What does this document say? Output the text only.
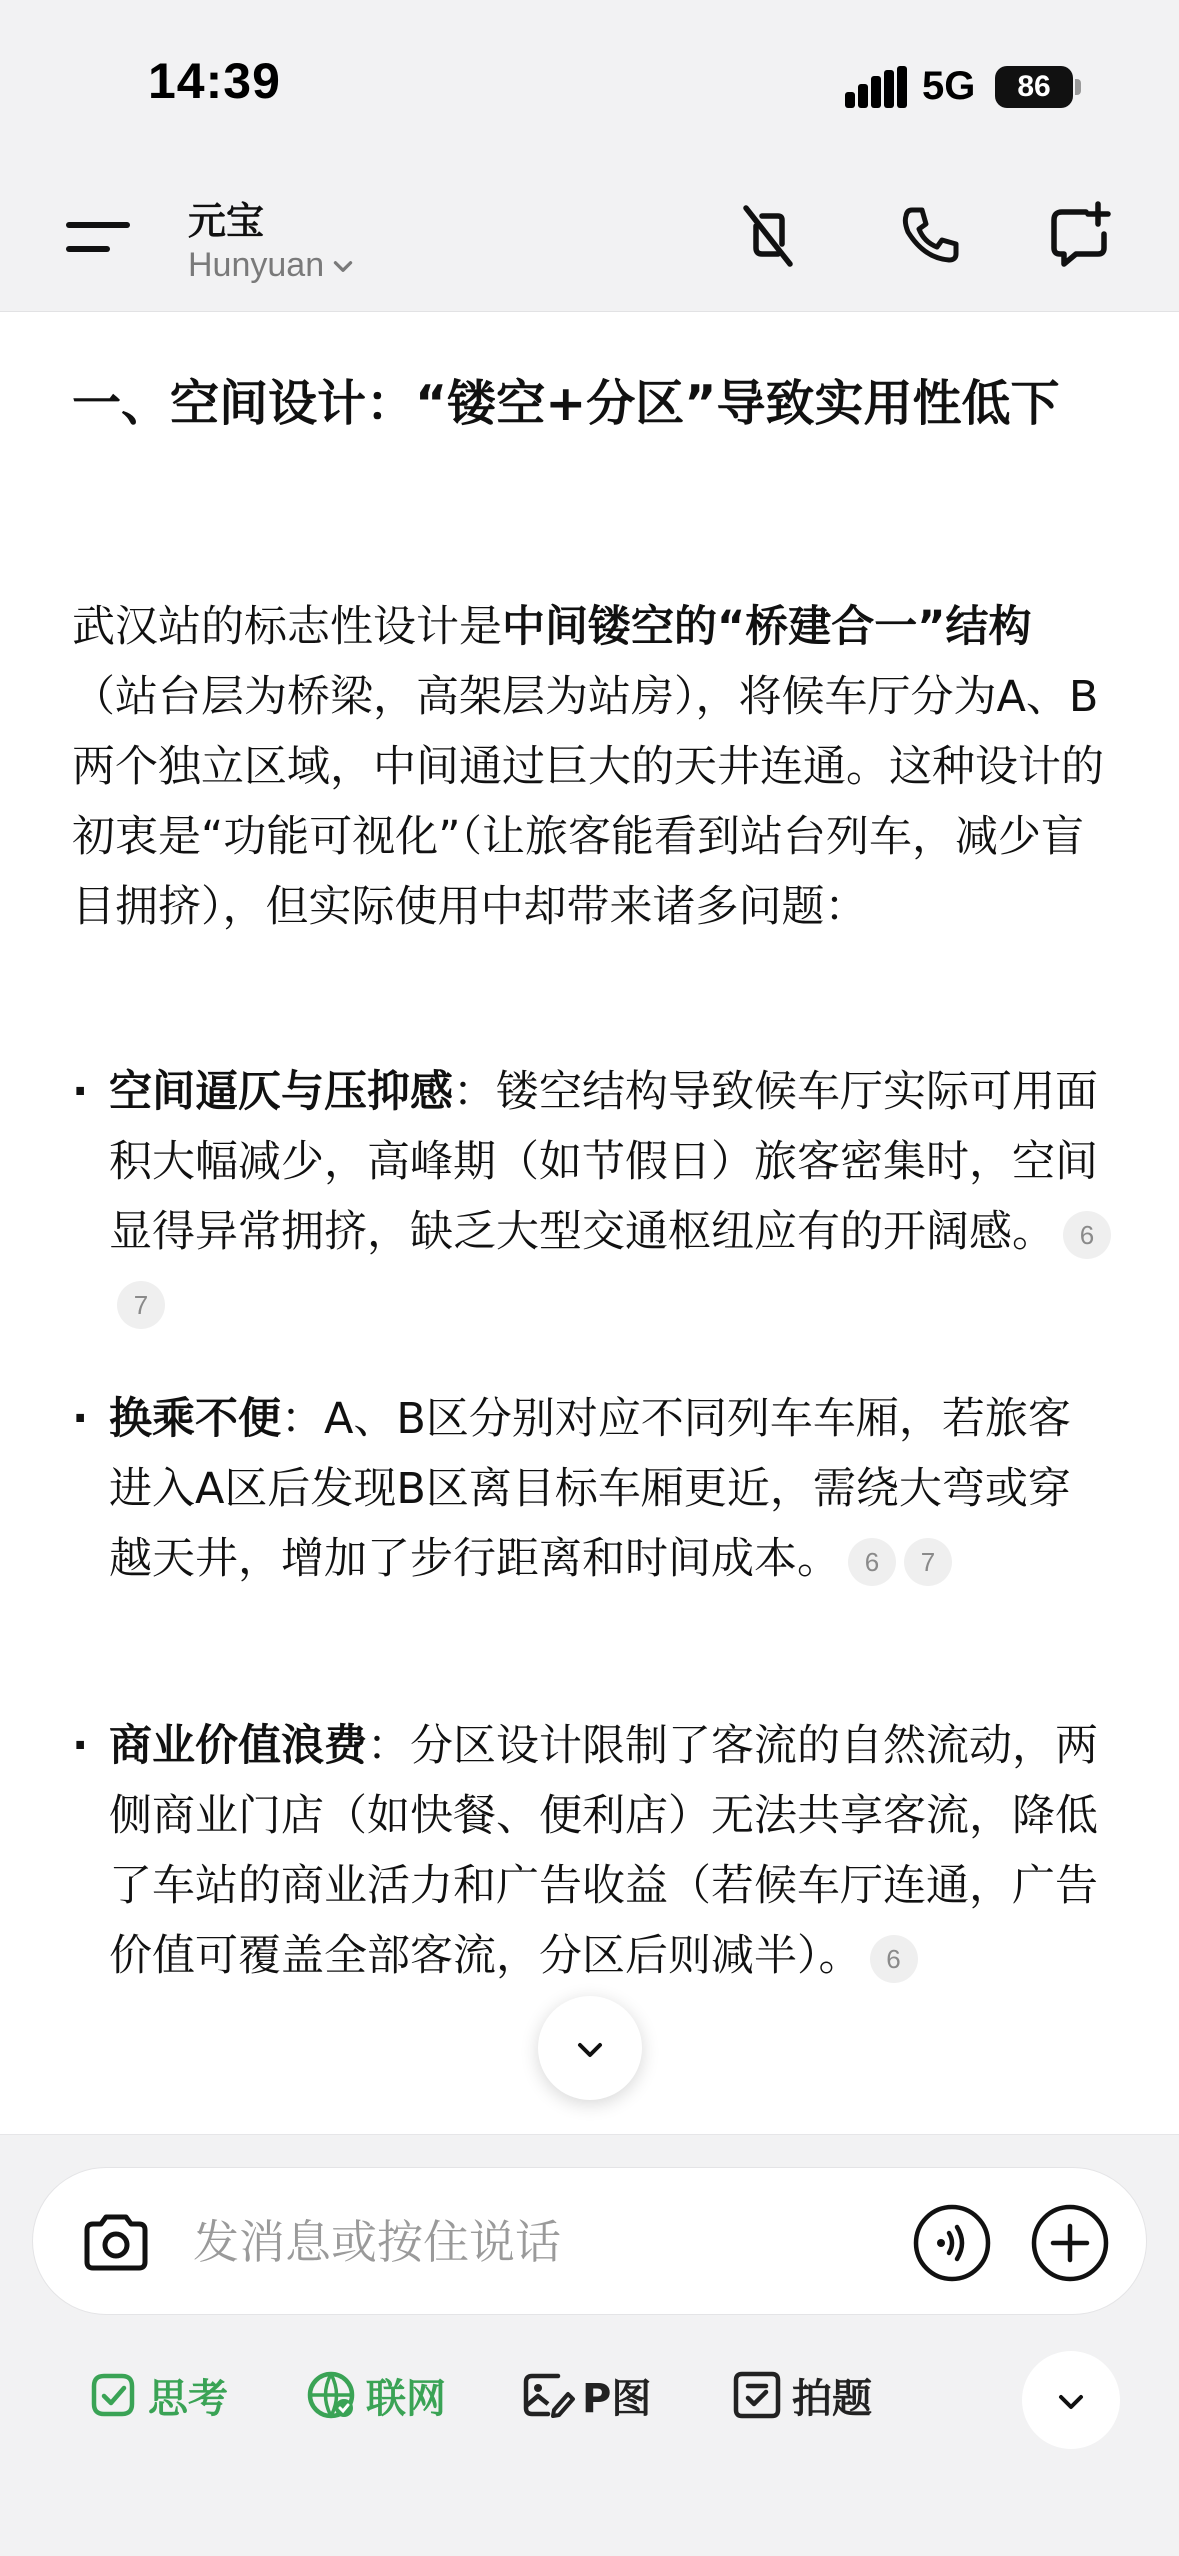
14:39	5G	86
元宝
Hunyuan
一、空间设计：“镂空+分区”导致实用性低下
武汉站的标志性设计是中间镂空的“桥建合一”结构（站台层为桥梁，高架层为站房），将候车厅分为A、B两个独立区域，中间通过巨大的天井连通。这种设计的初衷是“功能可视化”（让旅客能看到站台列车，减少盲目拥挤），但实际使用中却带来诸多问题：
· 空间逼仄与压抑感：镂空结构导致候车厅实际可用面积大幅减少，高峰期（如节假日）旅客密集时，空间显得异常拥挤，缺乏大型交通枢纽应有的开阔感。 67
· 换乘不便：A、B区分别对应不同列车车厢，若旅客进入A区后发现B区离目标车厢更近，需绕大弯或穿越天井，增加了步行距离和时间成本。 6 7
· 商业价值浪费：分区设计限制了客流的自然流动，两侧商业门店（如快餐、便利店）无法共享客流，降低了车站的商业活力和广告收益（若候车厅连通，广告价值可覆盖全部客流，分区后则减半）。 6
发消息或按住说话
思考	联网	P图	拍题
